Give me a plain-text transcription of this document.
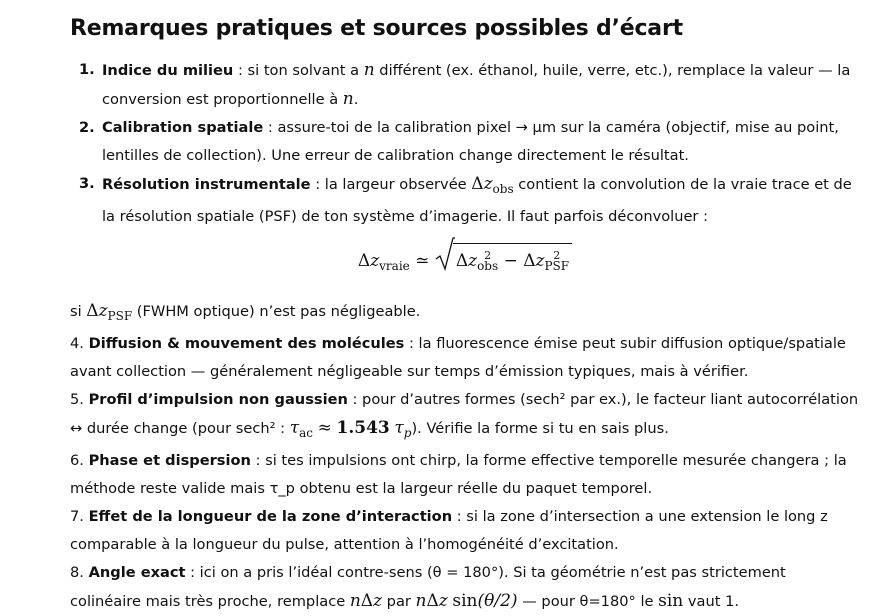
Remarques pratiques et sources possibles d’écart
1. Indice du milieu : si ton solvant a n différent (ex. éthanol, huile, verre, etc.), remplace la valeur — la conversion est proportionnelle à n.
2. Calibration spatiale : assure-toi de la calibration pixel → µm sur la caméra (objectif, mise au point, lentilles de collection). Une erreur de calibration change directement le résultat.
3. Résolution instrumentale : la largeur observée $\Delta z_{obs}$ contient la convolution de la vraie trace et de la résolution spatiale (PSF) de ton système d’imagerie. Il faut parfois déconvoluer :
$\Delta z_{vraie}$ ≃ Δz 2
obs − Δz 2
PSF

si $\Delta z_{PSF}$ (FWHM optique) n’est pas négligeable.

4. Diffusion & mouvement des molécules : la fluorescence émise peut subir diffusion optique/spatiale avant collection — généralement négligeable sur temps d’émission typiques, mais à vérifier.

5. Profil d’impulsion non gaussien : pour d’autres formes (sech² par ex.), le facteur liant autocorrélation ↔ durée change (pour sech² : $\tau_{ac} \approx 1.543$ $\tau_p$). Vérifie la forme si tu en sais plus.

6. Phase et dispersion : si tes impulsions ont chirp, la forme effective temporelle mesurée changera ; la méthode reste valide mais τ_p obtenu est la largeur réelle du paquet temporel.

7. Effet de la longueur de la zone d’interaction : si la zone d’intersection a une extension le long z comparable à la longueur du pulse, attention à l’homogénéité d’excitation.

8. Angle exact : ici on a pris l’idéal contre-sens (θ = 180°). Si ta géométrie n’est pas strictement colinéaire mais très proche, remplace nΔz par nΔz sin(θ/2) — pour θ=180° le sin vaut 1.
